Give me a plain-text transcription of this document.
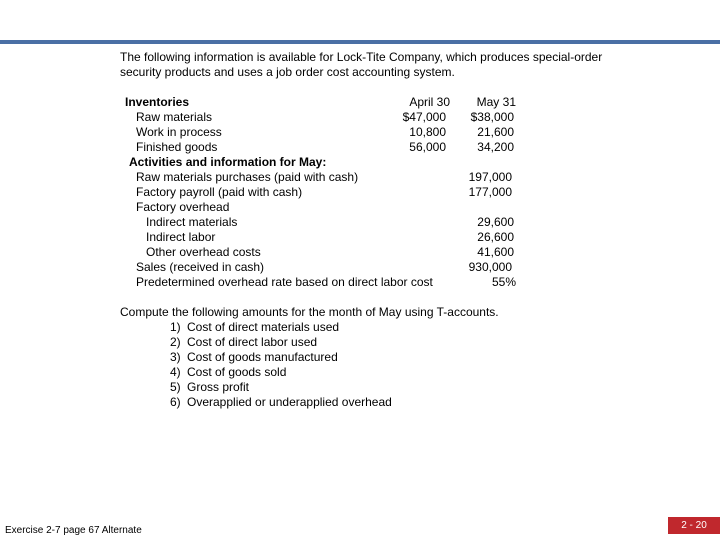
The following information is available for Lock-Tite Company, which produces special-order
security products and uses a job order cost accounting system.
Inventories	April 30	May 31
Raw materials	$47,000	$38,000
Work in process	10,800	21,600
Finished goods	56,000	34,200
Activities and information for May:
Raw materials purchases (paid with cash)	197,000
Factory payroll (paid with cash)	177,000
Factory overhead
Indirect materials	29,600
Indirect labor	26,600
Other overhead costs	41,600
Sales (received in cash)	930,000
Predetermined overhead rate based on direct labor cost	55%
Compute the following amounts for the month of May using T-accounts.
1) Cost of direct materials used
2) Cost of direct labor used
3) Cost of goods manufactured
4) Cost of goods sold
5) Gross profit
6) Overapplied or underapplied overhead
Exercise 2-7 page 67 Alternate	2 - 20
